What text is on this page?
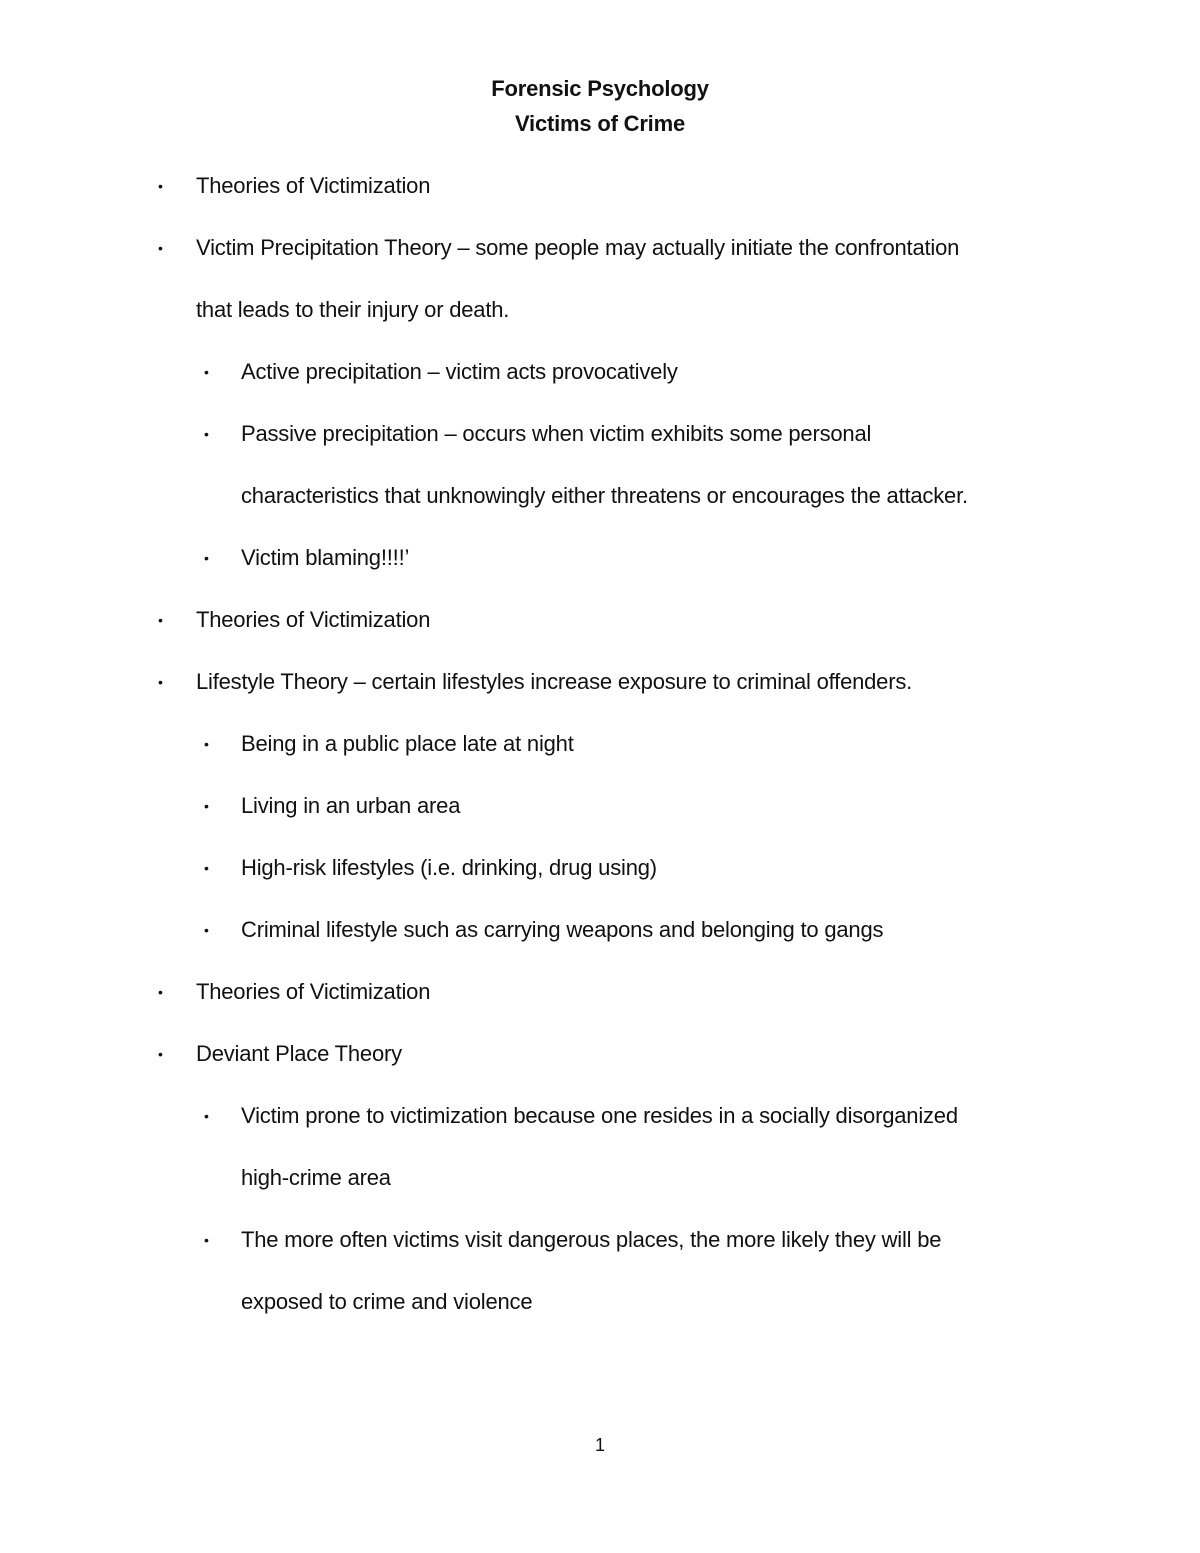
Forensic Psychology
Victims of Crime
• Theories of Victimization
• Victim Precipitation Theory – some people may actually initiate the confrontation
that leads to their injury or death.
• Active precipitation – victim acts provocatively
• Passive precipitation – occurs when victim exhibits some personal
characteristics that unknowingly either threatens or encourages the attacker.
• Victim blaming!!!!’
• Theories of Victimization
• Lifestyle Theory – certain lifestyles increase exposure to criminal offenders.
• Being in a public place late at night
• Living in an urban area
• High-risk lifestyles (i.e. drinking, drug using)
• Criminal lifestyle such as carrying weapons and belonging to gangs
• Theories of Victimization
• Deviant Place Theory
• Victim prone to victimization because one resides in a socially disorganized
high-crime area
• The more often victims visit dangerous places, the more likely they will be
exposed to crime and violence
1
